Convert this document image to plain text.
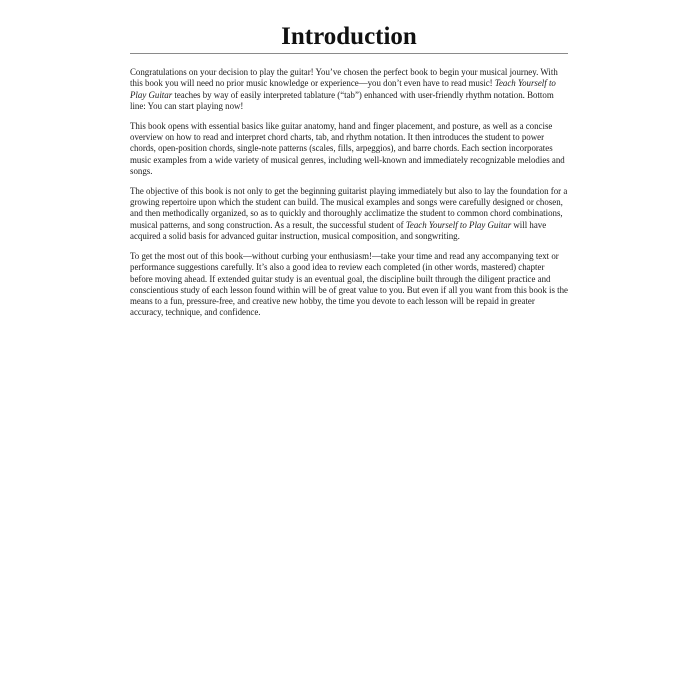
Introduction

Congratulations on your decision to play the guitar! You’ve chosen the perfect book to begin your musical journey. With this book you will need no prior music knowledge or experience—you don’t even have to read music! Teach Yourself to Play Guitar teaches by way of easily interpreted tablature (“tab”) enhanced with user-friendly rhythm notation. Bottom line: You can start playing now!

This book opens with essential basics like guitar anatomy, hand and finger placement, and posture, as well as a concise overview on how to read and interpret chord charts, tab, and rhythm notation. It then introduces the student to power chords, open-position chords, single-note patterns (scales, fills, arpeggios), and barre chords. Each section incorporates music examples from a wide variety of musical genres, including well-known and immediately recognizable melodies and songs.

The objective of this book is not only to get the beginning guitarist playing immediately but also to lay the foundation for a growing repertoire upon which the student can build. The musical examples and songs were carefully designed or chosen, and then methodically organized, so as to quickly and thoroughly acclimatize the student to common chord combinations, musical patterns, and song construction. As a result, the successful student of Teach Yourself to Play Guitar will have acquired a solid basis for advanced guitar instruction, musical composition, and songwriting.

To get the most out of this book—without curbing your enthusiasm!—take your time and read any accompanying text or performance suggestions carefully. It’s also a good idea to review each completed (in other words, mastered) chapter before moving ahead. If extended guitar study is an eventual goal, the discipline built through the diligent practice and conscientious study of each lesson found within will be of great value to you. But even if all you want from this book is the means to a fun, pressure-free, and creative new hobby, the time you devote to each lesson will be repaid in greater accuracy, technique, and confidence.
